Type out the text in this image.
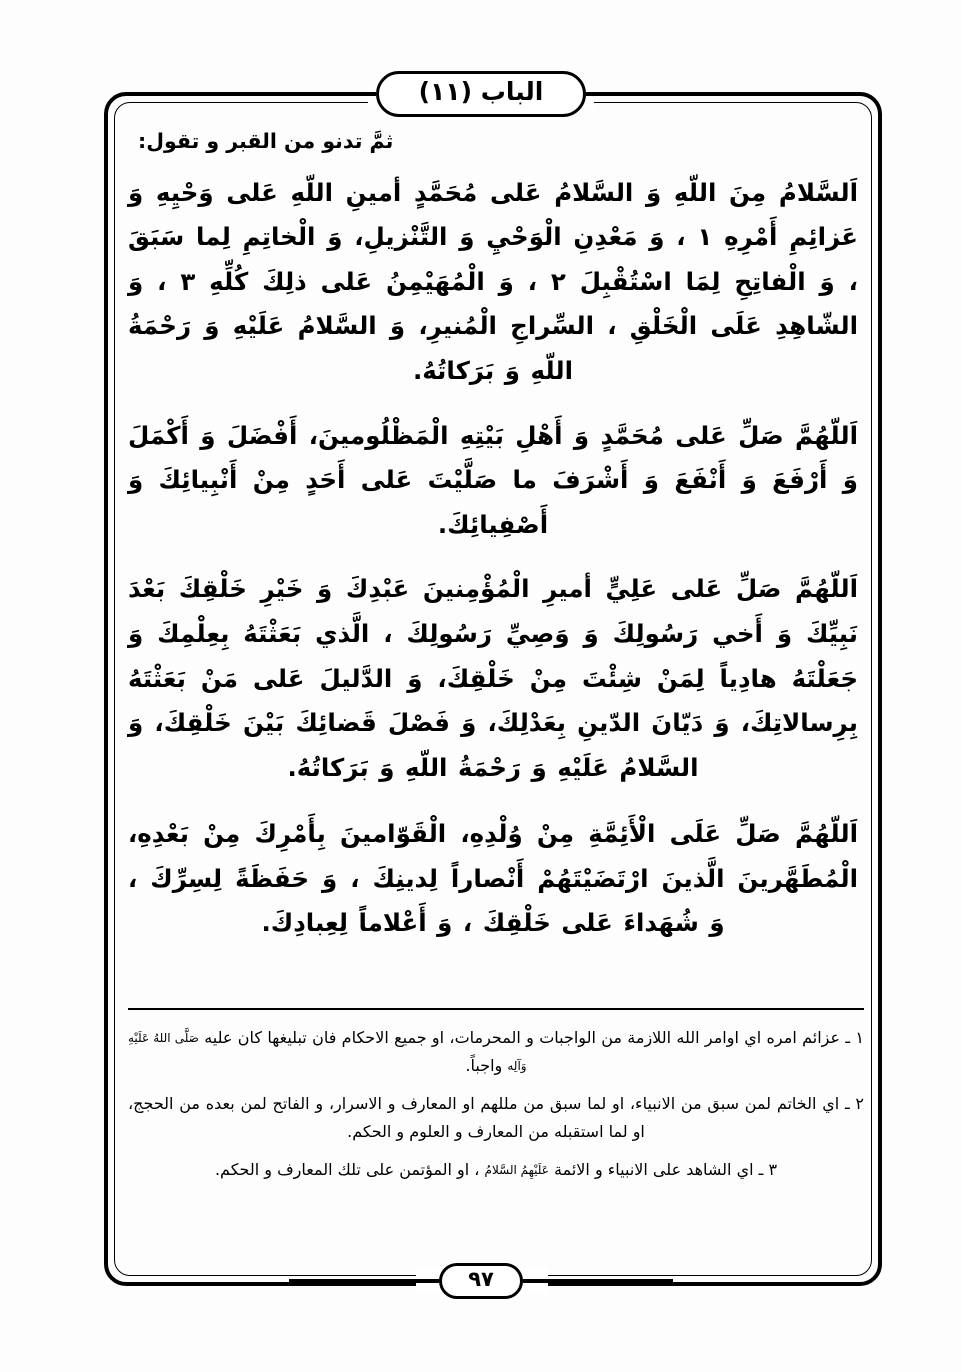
الباب (١١)

ثمَّ تدنو من القبر و تقول:

اَلسَّلامُ مِنَ اللّهِ وَ السَّلامُ عَلى مُحَمَّدٍ أمينِ اللّهِ عَلى وَحْيِهِ وَ عَزائِمِ أَمْرِهِ ١ ، وَ مَعْدِنِ الْوَحْيِ وَ التَّنْزيلِ، وَ الْخاتِمِ لِما سَبَقَ ، وَ الْفاتِحِ لِمَا اسْتُقْبِلَ ٢ ، وَ الْمُهَيْمِنُ عَلى ذلِكَ كُلِّهِ ٣ ، وَ الشّاهِدِ عَلَى الْخَلْقِ ، السِّراجِ الْمُنيرِ، وَ السَّلامُ عَلَيْهِ وَ رَحْمَةُ اللّهِ وَ بَرَكاتُهُ.

اَللّهُمَّ صَلِّ عَلى مُحَمَّدٍ وَ أَهْلِ بَيْتِهِ الْمَظْلُومينَ، أَفْضَلَ وَ أَكْمَلَ وَ أَرْفَعَ وَ أَنْفَعَ وَ أَشْرَفَ ما صَلَّيْتَ عَلى أَحَدٍ مِنْ أَنْبِيائِكَ وَ أَصْفِيائِكَ.

اَللّهُمَّ صَلِّ عَلى عَلِيٍّ أميرِ الْمُؤْمِنينَ عَبْدِكَ وَ خَيْرِ خَلْقِكَ بَعْدَ نَبِيِّكَ وَ أَخي رَسُولِكَ وَ وَصِيِّ رَسُولِكَ ، الَّذي بَعَثْتَهُ بِعِلْمِكَ وَ جَعَلْتَهُ هادِياً لِمَنْ شِئْتَ مِنْ خَلْقِكَ، وَ الدَّليلَ عَلى مَنْ بَعَثْتَهُ بِرِسالاتِكَ، وَ دَيّانَ الدّينِ بِعَدْلِكَ، وَ فَصْلَ قَضائِكَ بَيْنَ خَلْقِكَ، وَ السَّلامُ عَلَيْهِ وَ رَحْمَةُ اللّهِ وَ بَرَكاتُهُ.

اَللّهُمَّ صَلِّ عَلَى الْأَئِمَّةِ مِنْ وُلْدِهِ، الْقَوّامينَ بِأَمْرِكَ مِنْ بَعْدِهِ، الْمُطَهَّرينَ الَّذينَ ارْتَضَيْتَهُمْ أَنْصاراً لِدينِكَ ، وَ حَفَظَةً لِسِرِّكَ ، وَ شُهَداءَ عَلى خَلْقِكَ ، وَ أَعْلاماً لِعِبادِكَ.

١ ـ عزائم امره اي اوامر الله اللازمة من الواجبات و المحرمات، او جميع الاحكام فان تبليغها كان عليه صَلَّى اللهُ عَلَيْهِ وَآلِه واجباً.

٢ ـ اي الخاتم لمن سبق من الانبياء، او لما سبق من مللهم او المعارف و الاسرار، و الفاتح لمن بعده من الحجج، او لما استقبله من المعارف و العلوم و الحكم.

٣ ـ اي الشاهد على الانبياء و الائمة عَلَيْهِمُ السَّلامُ ، او المؤتمن على تلك المعارف و الحكم.

٩٧
